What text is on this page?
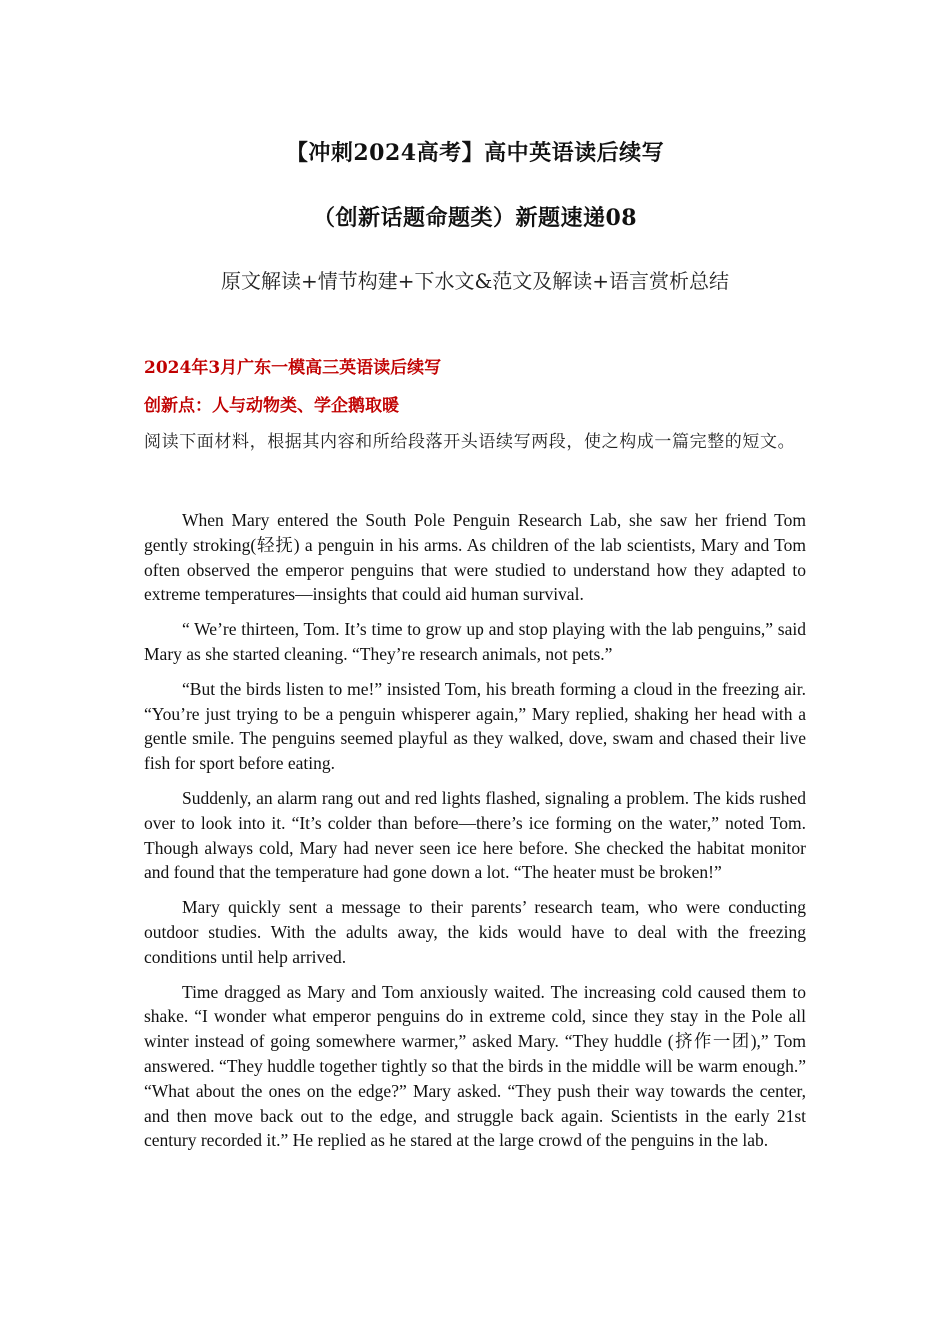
【冲刺2024高考】高中英语读后续写
（创新话题命题类）新题速递08
原文解读+情节构建+下水文&范文及解读+语言赏析总结
2024年3月广东一模高三英语读后续写
创新点：人与动物类、学企鹅取暖
阅读下面材料，根据其内容和所给段落开头语续写两段，使之构成一篇完整的短文。

When Mary entered the South Pole Penguin Research Lab, she saw her friend Tom gently stroking(轻抚) a penguin in his arms. As children of the lab scientists, Mary and Tom often observed the emperor penguins that were studied to understand how they adapted to extreme temperatures—insights that could aid human survival.

“ We’re thirteen, Tom. It’s time to grow up and stop playing with the lab penguins,” said Mary as she started cleaning. “They’re research animals, not pets.”

“But the birds listen to me!” insisted Tom, his breath forming a cloud in the freezing air. “You’re just trying to be a penguin whisperer again,” Mary replied, shaking her head with a gentle smile. The penguins seemed playful as they walked, dove, swam and chased their live fish for sport before eating.

Suddenly, an alarm rang out and red lights flashed, signaling a problem. The kids rushed over to look into it. “It’s colder than before—there’s ice forming on the water,” noted Tom. Though always cold, Mary had never seen ice here before. She checked the habitat monitor and found that the temperature had gone down a lot. “The heater must be broken!”

Mary quickly sent a message to their parents’ research team, who were conducting outdoor studies. With the adults away, the kids would have to deal with the freezing conditions until help arrived.

Time dragged as Mary and Tom anxiously waited. The increasing cold caused them to shake. “I wonder what emperor penguins do in extreme cold, since they stay in the Pole all winter instead of going somewhere warmer,” asked Mary. “They huddle (挤作一团),” Tom answered. “They huddle together tightly so that the birds in the middle will be warm enough.” “What about the ones on the edge?” Mary asked. “They push their way towards the center, and then move back out to the edge, and struggle back again. Scientists in the early 21st century recorded it.” He replied as he stared at the large crowd of the penguins in the lab.
